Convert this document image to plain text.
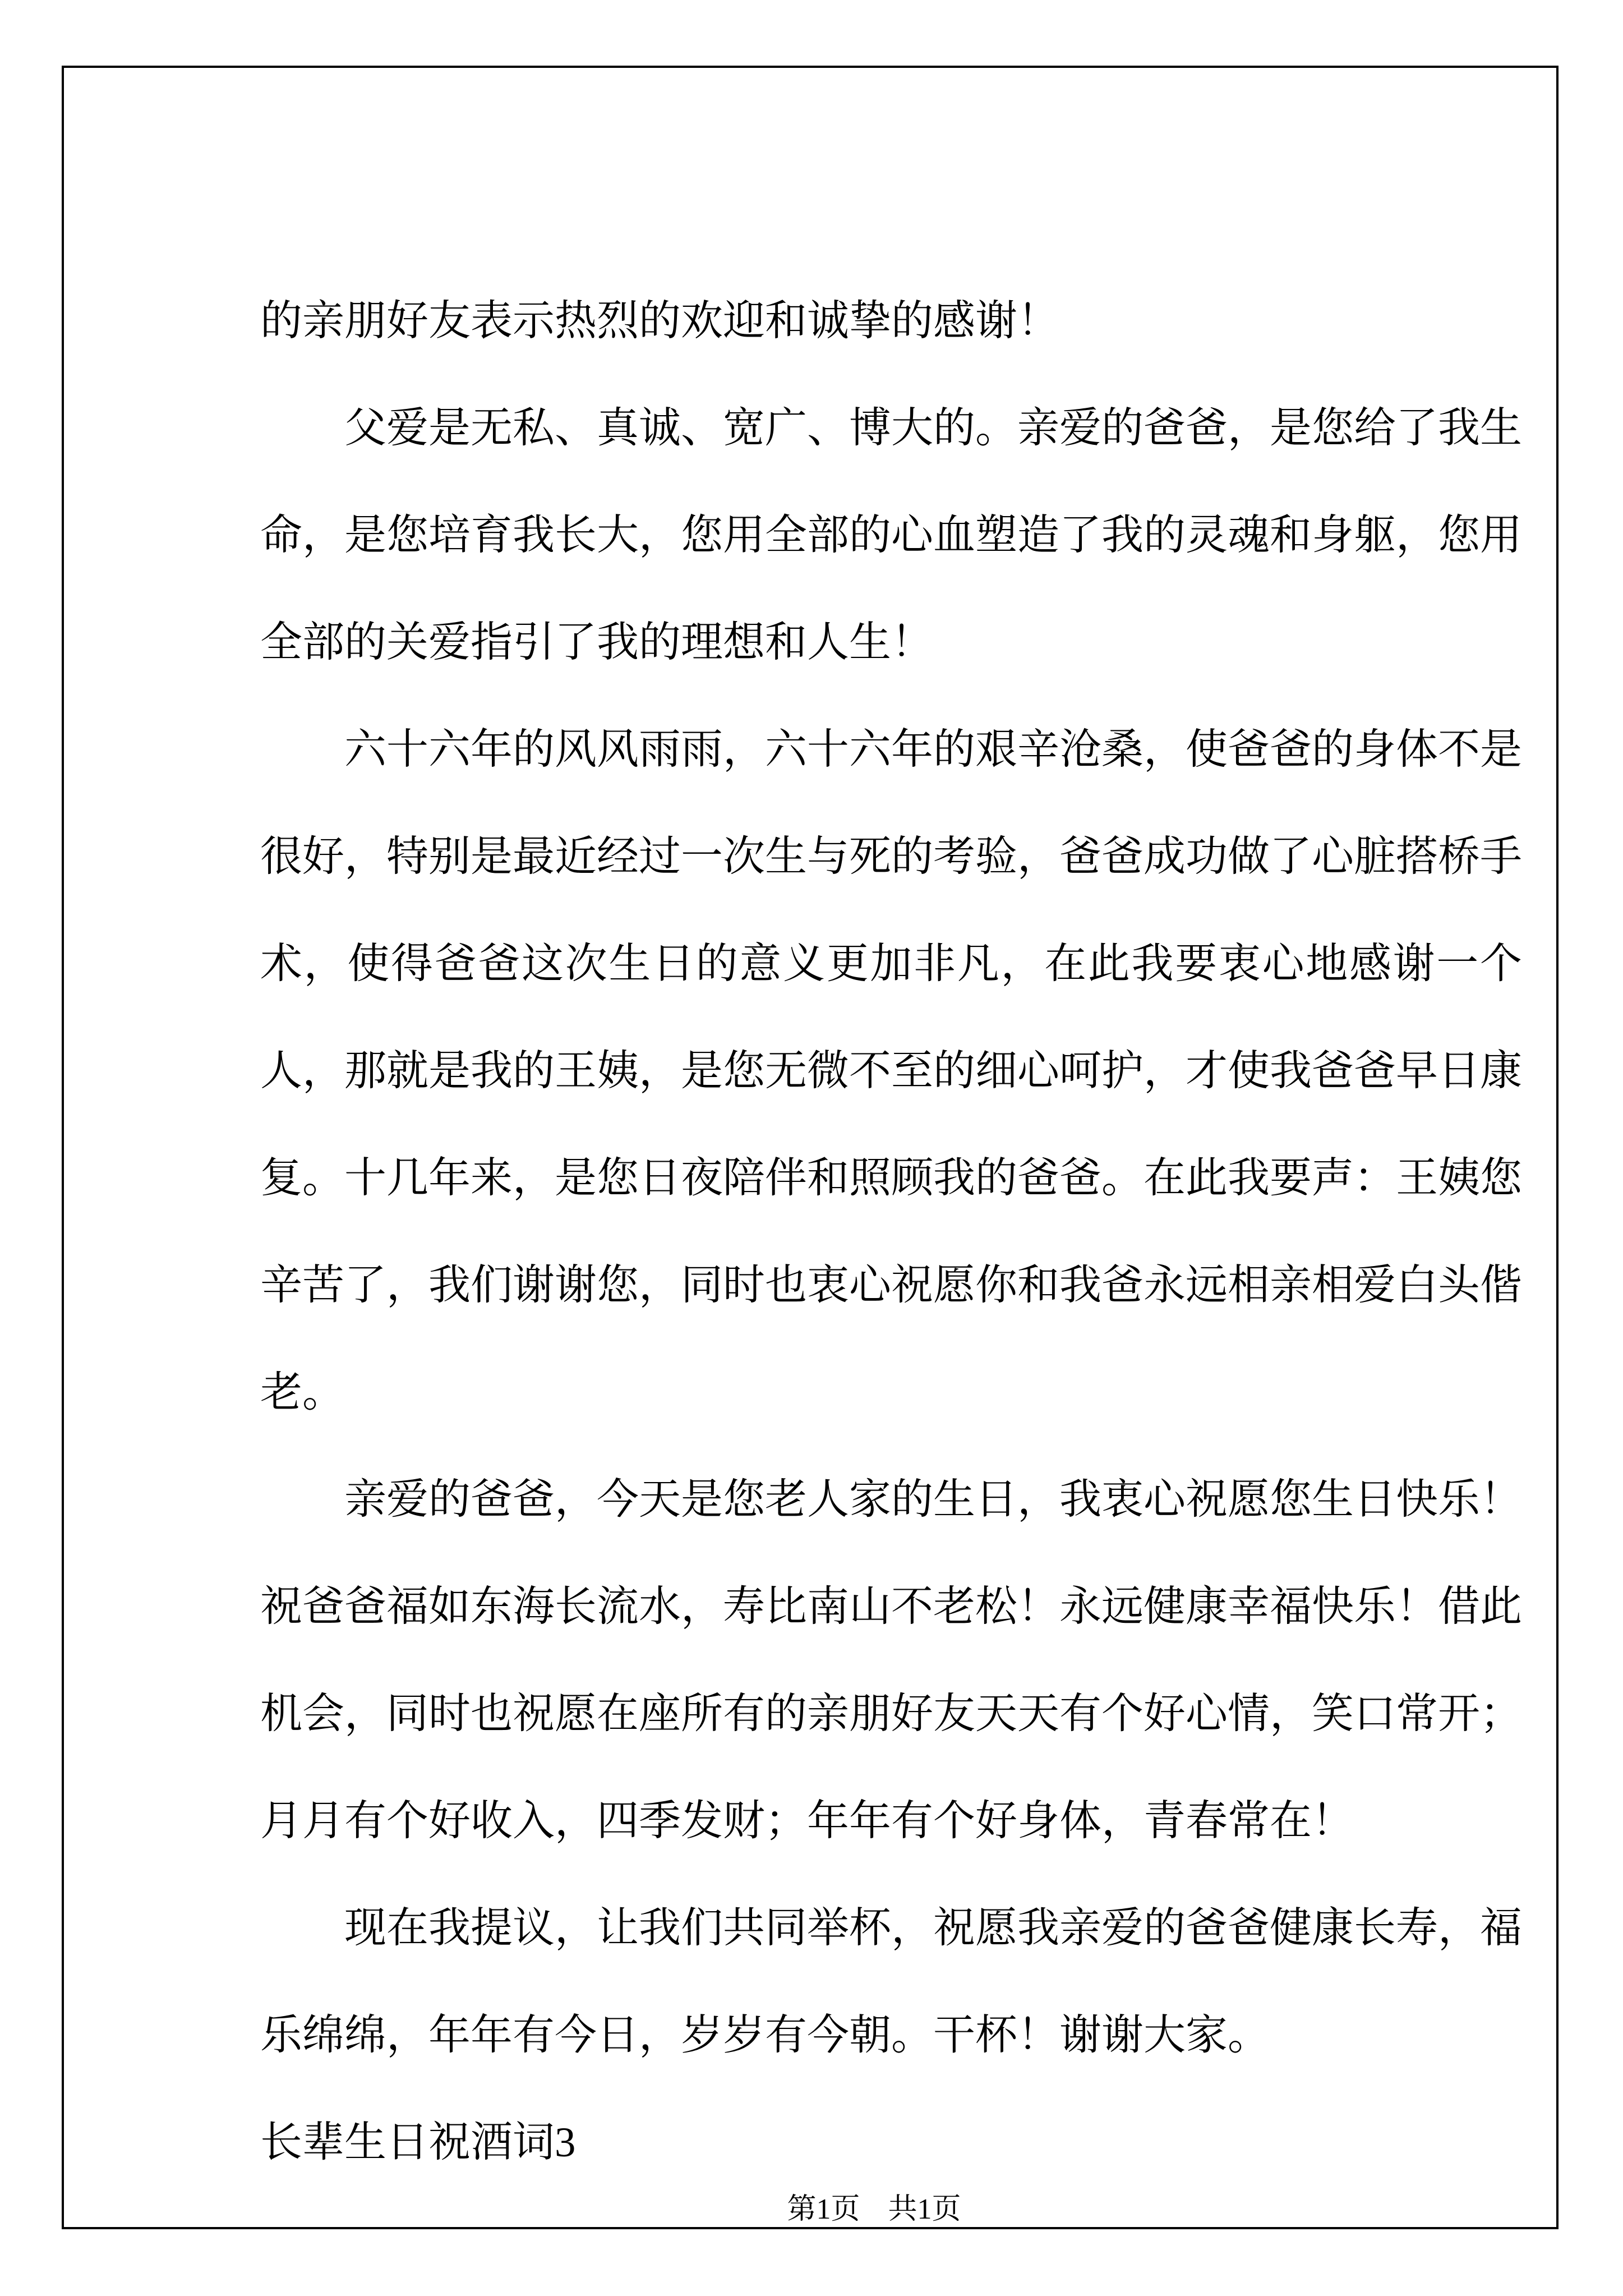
的亲朋好友表示热烈的欢迎和诚挚的感谢！

父爱是无私、真诚、宽广、博大的。亲爱的爸爸，是您给了我生命，是您培育我长大，您用全部的心血塑造了我的灵魂和身躯，您用全部的关爱指引了我的理想和人生！

六十六年的风风雨雨，六十六年的艰辛沧桑，使爸爸的身体不是很好，特别是最近经过一次生与死的考验，爸爸成功做了心脏搭桥手术，使得爸爸这次生日的意义更加非凡，在此我要衷心地感谢一个人，那就是我的王姨，是您无微不至的细心呵护，才使我爸爸早日康复。十几年来，是您日夜陪伴和照顾我的爸爸。在此我要声：王姨您辛苦了，我们谢谢您，同时也衷心祝愿你和我爸永远相亲相爱白头偕老。

亲爱的爸爸，今天是您老人家的生日，我衷心祝愿您生日快乐！祝爸爸福如东海长流水，寿比南山不老松！永远健康幸福快乐！借此机会，同时也祝愿在座所有的亲朋好友天天有个好心情，笑口常开；月月有个好收入，四季发财；年年有个好身体，青春常在！

现在我提议，让我们共同举杯，祝愿我亲爱的爸爸健康长寿，福乐绵绵，年年有今日，岁岁有今朝。干杯！谢谢大家。

长辈生日祝酒词3

第1页 共1页
